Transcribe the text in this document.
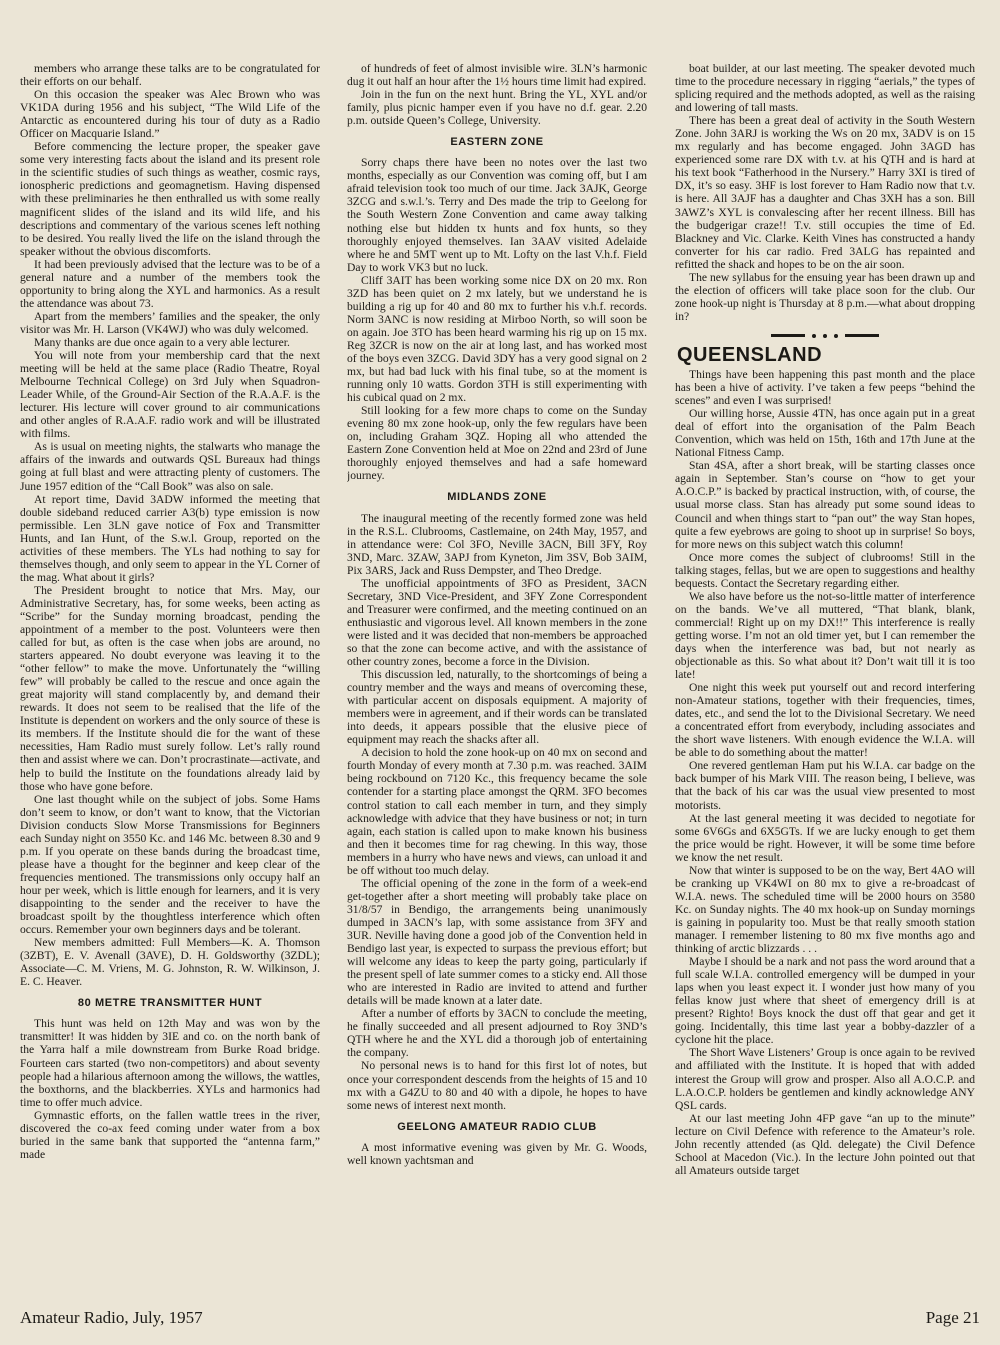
members who arrange these talks are to be congratulated for their efforts on our behalf.

On this occasion the speaker was Alec Brown who was VK1DA during 1956 and his subject, “The Wild Life of the Antarctic as encountered during his tour of duty as a Radio Officer on Macquarie Island.”

Before commencing the lecture proper, the speaker gave some very interesting facts about the island and its present role in the scientific studies of such things as weather, cosmic rays, ionospheric predictions and geomagnetism. Having dispensed with these preliminaries he then enthralled us with some really magnificent slides of the island and its wild life, and his descriptions and commentary of the various scenes left nothing to be desired. You really lived the life on the island through the speaker without the obvious discomforts.

It had been previously advised that the lecture was to be of a general nature and a number of the members took the opportunity to bring along the XYL and harmonics. As a result the attendance was about 73.

Apart from the members’ families and the speaker, the only visitor was Mr. H. Larson (VK4WJ) who was duly welcomed.

Many thanks are due once again to a very able lecturer.

You will note from your membership card that the next meeting will be held at the same place (Radio Theatre, Royal Melbourne Technical College) on 3rd July when Squadron-Leader While, of the Ground-Air Section of the R.A.A.F. is the lecturer. His lecture will cover ground to air communications and other angles of R.A.A.F. radio work and will be illustrated with films.

As is usual on meeting nights, the stalwarts who manage the affairs of the inwards and outwards QSL Bureaux had things going at full blast and were attracting plenty of customers. The June 1957 edition of the “Call Book” was also on sale.

At report time, David 3ADW informed the meeting that double sideband reduced carrier A3(b) type emission is now permissible. Len 3LN gave notice of Fox and Transmitter Hunts, and Ian Hunt, of the S.w.l. Group, reported on the activities of these members. The YLs had nothing to say for themselves though, and only seem to appear in the YL Corner of the mag. What about it girls?

The President brought to notice that Mrs. May, our Administrative Secretary, has, for some weeks, been acting as “Scribe” for the Sunday morning broadcast, pending the appointment of a member to the post. Volunteers were then called for but, as often is the case when jobs are around, no starters appeared. No doubt everyone was leaving it to the “other fellow” to make the move. Unfortunately the “willing few” will probably be called to the rescue and once again the great majority will stand complacently by, and demand their rewards. It does not seem to be realised that the life of the Institute is dependent on workers and the only source of these is its members. If the Institute should die for the want of these necessities, Ham Radio must surely follow. Let’s rally round then and assist where we can. Don’t procrastinate—activate, and help to build the Institute on the foundations already laid by those who have gone before.

One last thought while on the subject of jobs. Some Hams don’t seem to know, or don’t want to know, that the Victorian Division conducts Slow Morse Transmissions for Beginners each Sunday night on 3550 Kc. and 146 Mc. between 8.30 and 9 p.m. If you operate on these bands during the broadcast time, please have a thought for the beginner and keep clear of the frequencies mentioned. The transmissions only occupy half an hour per week, which is little enough for learners, and it is very disappointing to the sender and the receiver to have the broadcast spoilt by the thoughtless interference which often occurs. Remember your own beginners days and be tolerant.

New members admitted: Full Members—K. A. Thomson (3ZBT), E. V. Avenall (3AVE), D. H. Goldsworthy (3ZDL); Associate—C. M. Vriens, M. G. Johnston, R. W. Wilkinson, J. E. C. Heaver.

80 METRE TRANSMITTER HUNT

This hunt was held on 12th May and was won by the transmitter! It was hidden by 3IE and co. on the north bank of the Yarra half a mile downstream from Burke Road bridge. Fourteen cars started (two non-competitors) and about seventy people had a hilarious afternoon among the willows, the wattles, the boxthorns, and the blackberries. XYLs and harmonics had time to offer much advice.

Gymnastic efforts, on the fallen wattle trees in the river, discovered the co-ax feed coming under water from a box buried in the same bank that supported the “antenna farm,” made

of hundreds of feet of almost invisible wire. 3LN’s harmonic dug it out half an hour after the 1½ hours time limit had expired.

Join in the fun on the next hunt. Bring the YL, XYL and/or family, plus picnic hamper even if you have no d.f. gear. 2.20 p.m. outside Queen’s College, University.

EASTERN ZONE

Sorry chaps there have been no notes over the last two months, especially as our Convention was coming off, but I am afraid television took too much of our time. Jack 3AJK, George 3ZCG and s.w.l.’s. Terry and Des made the trip to Geelong for the South Western Zone Convention and came away talking nothing else but hidden tx hunts and fox hunts, so they thoroughly enjoyed themselves. Ian 3AAV visited Adelaide where he and 5MT went up to Mt. Lofty on the last V.h.f. Field Day to work VK3 but no luck.

Cliff 3AIT has been working some nice DX on 20 mx. Ron 3ZD has been quiet on 2 mx lately, but we understand he is building a rig up for 40 and 80 mx to further his v.h.f. records. Norm 3ANC is now residing at Mirboo North, so will soon be on again. Joe 3TO has been heard warming his rig up on 15 mx. Reg 3ZCR is now on the air at long last, and has worked most of the boys even 3ZCG. David 3DY has a very good signal on 2 mx, but had bad luck with his final tube, so at the moment is running only 10 watts. Gordon 3TH is still experimenting with his cubical quad on 2 mx.

Still looking for a few more chaps to come on the Sunday evening 80 mx zone hook-up, only the few regulars have been on, including Graham 3QZ. Hoping all who attended the Eastern Zone Convention held at Moe on 22nd and 23rd of June thoroughly enjoyed themselves and had a safe homeward journey.

MIDLANDS ZONE

The inaugural meeting of the recently formed zone was held in the R.S.L. Clubrooms, Castlemaine, on 24th May, 1957, and in attendance were: Col 3FO, Neville 3ACN, Bill 3FY, Roy 3ND, Marc. 3ZAW, 3APJ from Kyneton, Jim 3SV, Bob 3AIM, Pix 3ARS, Jack and Russ Dempster, and Theo Dredge.

The unofficial appointments of 3FO as President, 3ACN Secretary, 3ND Vice-President, and 3FY Zone Correspondent and Treasurer were confirmed, and the meeting continued on an enthusiastic and vigorous level. All known members in the zone were listed and it was decided that non-members be approached so that the zone can become active, and with the assistance of other country zones, become a force in the Division.

This discussion led, naturally, to the shortcomings of being a country member and the ways and means of overcoming these, with particular accent on disposals equipment. A majority of members were in agreement, and if their words can be translated into deeds, it appears possible that the elusive piece of equipment may reach the shacks after all.

A decision to hold the zone hook-up on 40 mx on second and fourth Monday of every month at 7.30 p.m. was reached. 3AIM being rockbound on 7120 Kc., this frequency became the sole contender for a starting place amongst the QRM. 3FO becomes control station to call each member in turn, and they simply acknowledge with advice that they have business or not; in turn again, each station is called upon to make known his business and then it becomes time for rag chewing. In this way, those members in a hurry who have news and views, can unload it and be off without too much delay.

The official opening of the zone in the form of a week-end get-together after a short meeting will probably take place on 31/8/57 in Bendigo, the arrangements being unanimously dumped in 3ACN’s lap, with some assistance from 3FY and 3UR. Neville having done a good job of the Convention held in Bendigo last year, is expected to surpass the previous effort; but will welcome any ideas to keep the party going, particularly if the present spell of late summer comes to a sticky end. All those who are interested in Radio are invited to attend and further details will be made known at a later date.

After a number of efforts by 3ACN to conclude the meeting, he finally succeeded and all present adjourned to Roy 3ND’s QTH where he and the XYL did a thorough job of entertaining the company.

No personal news is to hand for this first lot of notes, but once your correspondent descends from the heights of 15 and 10 mx with a G4ZU to 80 and 40 with a dipole, he hopes to have some news of interest next month.

GEELONG AMATEUR RADIO CLUB

A most informative evening was given by Mr. G. Woods, well known yachtsman and

boat builder, at our last meeting. The speaker devoted much time to the procedure necessary in rigging “aerials,” the types of splicing required and the methods adopted, as well as the raising and lowering of tall masts.

There has been a great deal of activity in the South Western Zone. John 3ARJ is working the Ws on 20 mx, 3ADV is on 15 mx regularly and has become engaged. John 3AGD has experienced some rare DX with t.v. at his QTH and is hard at his text book “Fatherhood in the Nursery.” Harry 3XI is tired of DX, it’s so easy. 3HF is lost forever to Ham Radio now that t.v. is here. All 3AJF has a daughter and Chas 3XH has a son. Bill 3AWZ’s XYL is convalescing after her recent illness. Bill has the budgerigar craze!! T.v. still occupies the time of Ed. Blackney and Vic. Clarke. Keith Vines has constructed a handy converter for his car radio. Fred 3ALG has repainted and refitted the shack and hopes to be on the air soon.

The new syllabus for the ensuing year has been drawn up and the election of officers will take place soon for the club. Our zone hook-up night is Thursday at 8 p.m.—what about dropping in?

QUEENSLAND

Things have been happening this past month and the place has been a hive of activity. I’ve taken a few peeps “behind the scenes” and even I was surprised!

Our willing horse, Aussie 4TN, has once again put in a great deal of effort into the organisation of the Palm Beach Convention, which was held on 15th, 16th and 17th June at the National Fitness Camp.

Stan 4SA, after a short break, will be starting classes once again in September. Stan’s course on “how to get your A.O.C.P.” is backed by practical instruction, with, of course, the usual morse class. Stan has already put some sound ideas to Council and when things start to “pan out” the way Stan hopes, quite a few eyebrows are going to shoot up in surprise! So boys, for more news on this subject watch this column!

Once more comes the subject of clubrooms! Still in the talking stages, fellas, but we are open to suggestions and healthy bequests. Contact the Secretary regarding either.

We also have before us the not-so-little matter of interference on the bands. We’ve all muttered, “That blank, blank, commercial! Right up on my DX!!” This interference is really getting worse. I’m not an old timer yet, but I can remember the days when the interference was bad, but not nearly as objectionable as this. So what about it? Don’t wait till it is too late!

One night this week put yourself out and record interfering non-Amateur stations, together with their frequencies, times, dates, etc., and send the lot to the Divisional Secretary. We need a concentrated effort from everybody, including associates and the short wave listeners. With enough evidence the W.I.A. will be able to do something about the matter!

One revered gentleman Ham put his W.I.A. car badge on the back bumper of his Mark VIII. The reason being, I believe, was that the back of his car was the usual view presented to most motorists.

At the last general meeting it was decided to negotiate for some 6V6Gs and 6X5GTs. If we are lucky enough to get them the price would be right. However, it will be some time before we know the net result.

Now that winter is supposed to be on the way, Bert 4AO will be cranking up VK4WI on 80 mx to give a re-broadcast of W.I.A. news. The scheduled time will be 2000 hours on 3580 Kc. on Sunday nights. The 40 mx hook-up on Sunday mornings is gaining in popularity too. Must be that really smooth station manager. I remember listening to 80 mx five months ago and thinking of arctic blizzards . . .

Maybe I should be a nark and not pass the word around that a full scale W.I.A. controlled emergency will be dumped in your laps when you least expect it. I wonder just how many of you fellas know just where that sheet of emergency drill is at present? Righto! Boys knock the dust off that gear and get it going. Incidentally, this time last year a bobby-dazzler of a cyclone hit the place.

The Short Wave Listeners’ Group is once again to be revived and affiliated with the Institute. It is hoped that with added interest the Group will grow and prosper. Also all A.O.C.P. and L.A.O.C.P. holders be gentlemen and kindly acknowledge ANY QSL cards.

At our last meeting John 4FP gave “an up to the minute” lecture on Civil Defence with reference to the Amateur’s role. John recently attended (as Qld. delegate) the Civil Defence School at Macedon (Vic.). In the lecture John pointed out that all Amateurs outside target

Amateur Radio, July, 1957	Page 21
